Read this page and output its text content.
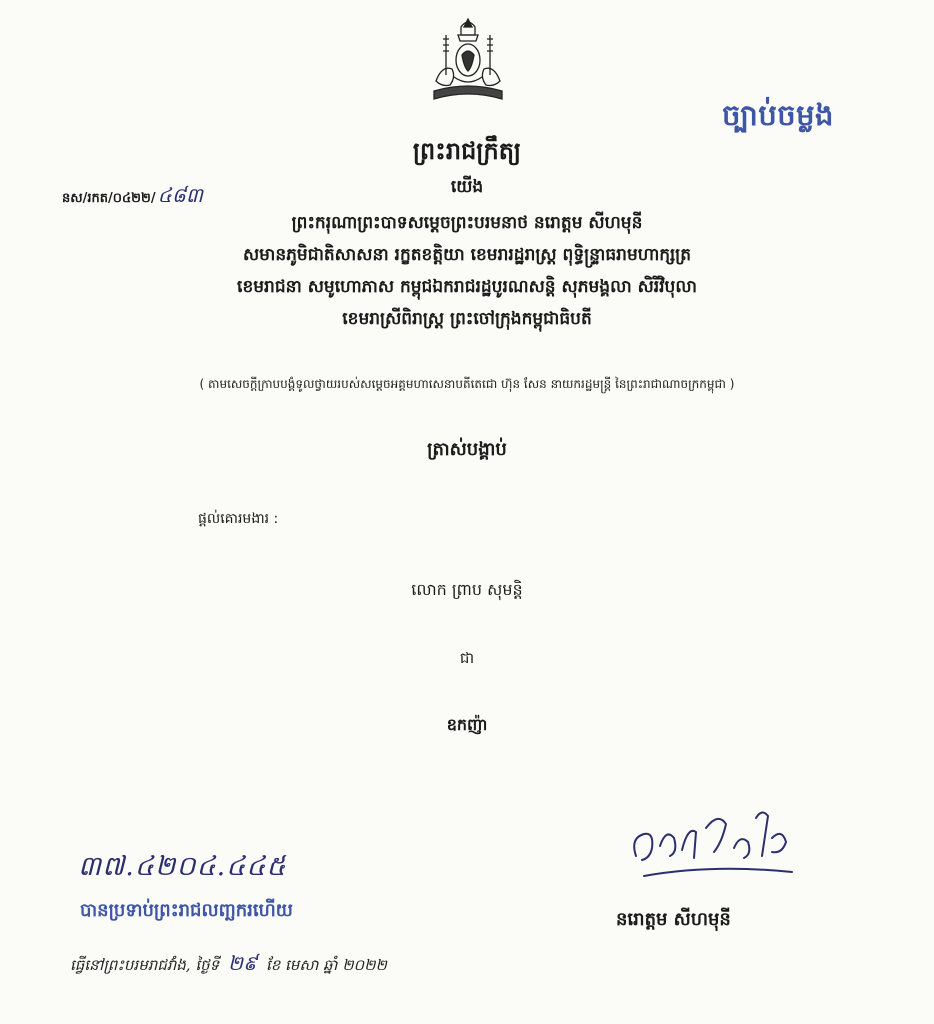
ច្បាប់ចម្លង
ព្រះរាជក្រឹត្យ
នស/រកត/០៤២២/ ៤៨៣	យើង
ព្រះករុណាព្រះបាទសម្តេចព្រះបរមនាថ នរោត្តម សីហមុនី
សមានភូមិជាតិសាសនា រក្ខតខត្តិយា ខេមរារដ្ឋរាស្ត្រ ពុទ្ធិន្ទ្រាធរាមហាក្សត្រ
ខេមរាជនា សមូហោភាស កម្ពុជឯករាជរដ្ឋបូរណសន្តិ សុភមង្គលា សិរីវិបុលា
ខេមរាស្រីពិរាស្ត្រ ព្រះចៅក្រុងកម្ពុជាធិបតី
( តាមសេចក្តីក្រាបបង្គំទូលថ្វាយរបស់សម្តេចអគ្គមហាសេនាបតីតេជោ ហ៊ុន សែន នាយករដ្ឋមន្ត្រី នៃព្រះរាជាណាចក្រកម្ពុជា )
ត្រាស់បង្គាប់
ផ្តល់គោរមងារ :
លោក ព្រាប សុមន្តិ
ជា
ឧកញ៉ា
នរោត្តម សីហមុនី
៣៧.៤២០៤.៤៤៥
បានប្រទាប់ព្រះរាជលញ្ឆករហើយ
ធ្វើនៅព្រះបរមរាជវាំង, ថ្ងៃទី ២៩ ខែ មេសា ឆ្នាំ ២០២២
